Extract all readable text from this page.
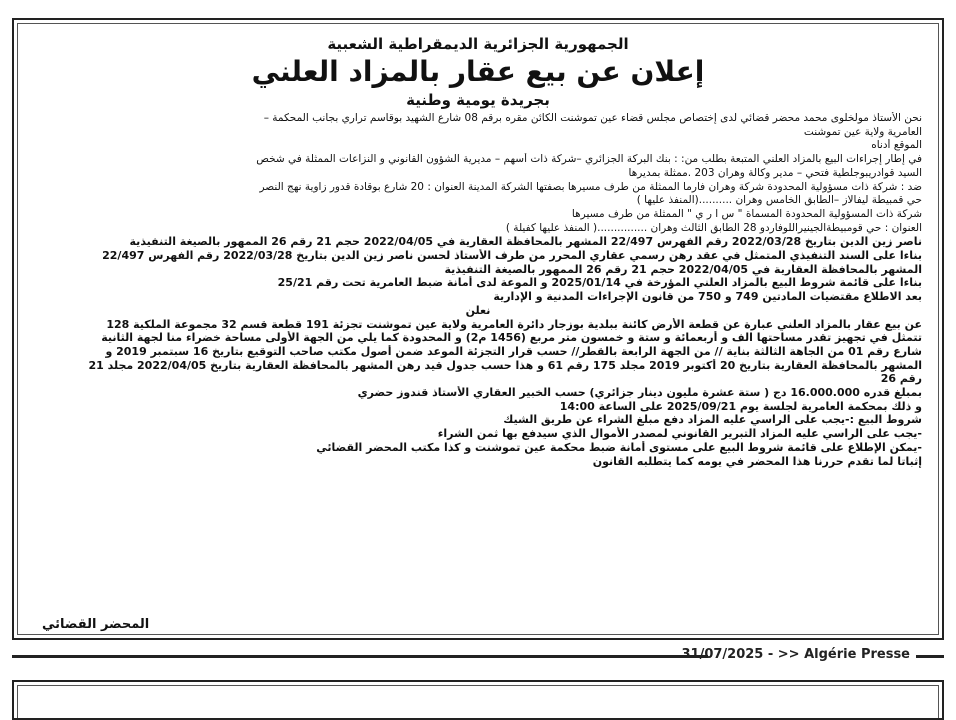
الجمهورية الجزائرية الديمقراطية الشعبية

إعلان عن بيع عقار بالمزاد العلني

بجريدة يومية وطنية

نحن الأستاذ مولخلوى محمد محضر قضائي لدى إختصاص مجلس قضاء عين تموشنت الكائن مقره برقم 08 شارع الشهيد بوقاسم تراري بجانب المحكمة –
العامرية ولاية عين تموشنت
الموقع أدناه
في إطار إجراءات البيع بالمزاد العلني المتبعة بطلب من: : بنك البركة الجزائري –شركة ذات أسهم – مديرية الشؤون القانوني و النزاعات الممثلة في شخص
السيد قوادريبوجلطية فتحي – مدير وكالة وهران 203 .ممثلة بمديرها
ضد : شركة ذات مسؤولية المحدودة شركة وهران فارما الممثلة من طرف مسيرها بصفتها الشركة المدينة العنوان : 20 شارع بوقادة قدور زاوية نهج النصر
حي قمبيطة ليفالاز –الطابق الخامس وهران ..........(المنفذ عليها )
شركة ذات المسؤولية المحدودة المسماة " س ا ر ي " الممثلة من طرف مسيرها
العنوان : حي قومبيطةالجينيراللوفاردو 28 الطابق الثالث وهران ...............( المنفذ عليها كفيلة )
ناصر زين الدين بتاريخ 2022/03/28 رقم الفهرس 22/497 المشهر بالمحافظة العقارية في 2022/04/05 حجم 21 رقم 26 الممهور بالصيغة التنفيذية
بناءا على السند التنفيذي المتمثل في عقد رهن رسمي عقاري المحرر من طرف الأستاذ لحسن ناصر زين الدين بتاريخ 2022/03/28 رقم الفهرس 22/497
المشهر بالمحافظة العقارية في 2022/04/05 حجم 21 رقم 26 الممهور بالصيغة التنفيذية
بناءا على قائمة شروط البيع بالمزاد العلني المؤرخة في 2025/01/14 و الموعة لدى أمانة ضبط العامرية تحت رقم 25/21
بعد الاطلاع مقتضيات المادتين 749 و 750 من قانون الإجراءات المدنية و الإدارية
نعلن
عن بيع عقار بالمزاد العلني عبارة عن قطعة الأرض كائنة ببلدية بوزجار دائرة العامرية ولاية عين تموشنت تجزئة 191 قطعة قسم 32 مجموعة الملكية 128
تتمثل في تجهيز تقدر مساحتها الف و أربعمائة و ستة و خمسون متر مربع (1456 م2) و المحدودة كما يلي من الجهة الأولى مساحة خضراء منا لجهة الثانية
شارع رقم 01 من الجاهة الثالثة بناية // من الجهة الرابعة بالقطر// حسب قرار التجزئة الموعد ضمن أصول مكتب صاحب التوقيع بتاريخ 16 سبتمبر 2019 و
المشهر بالمحافظة العقارية بتاريخ 20 أكتوبر 2019 مجلد 175 رقم 61 و هذا حسب جدول قيد رهن المشهر بالمحافظة العقارية بتاريخ 2022/04/05 مجلد 21
رقم 26
بمبلغ قدره 16.000.000 دج ( ستة عشرة مليون دينار جزائري) حسب الخبير العقاري الأستاذ قندوز حضري
و ذلك بمحكمة العامرية لجلسة يوم 2025/09/21 على الساعة 14:00
شروط البيع :-يجب على الراسي عليه المزاد دفع مبلغ الشراء عن طريق الشيك
-يجب على الراسي عليه المزاد التبرير القانوني لمصدر الأموال الذي سيدفع بها ثمن الشراء
-يمكن الإطلاع على قائمة شروط البيع على مستوى أمانة ضبط محكمة عين تموشنت و كذا مكتب المحضر القضائي
إثباتا لما تقدم حررنا هذا المحضر في يومه كما يتطلبه القانون
المحضر القضائي
31/07/2025 - >> Algérie Presse
